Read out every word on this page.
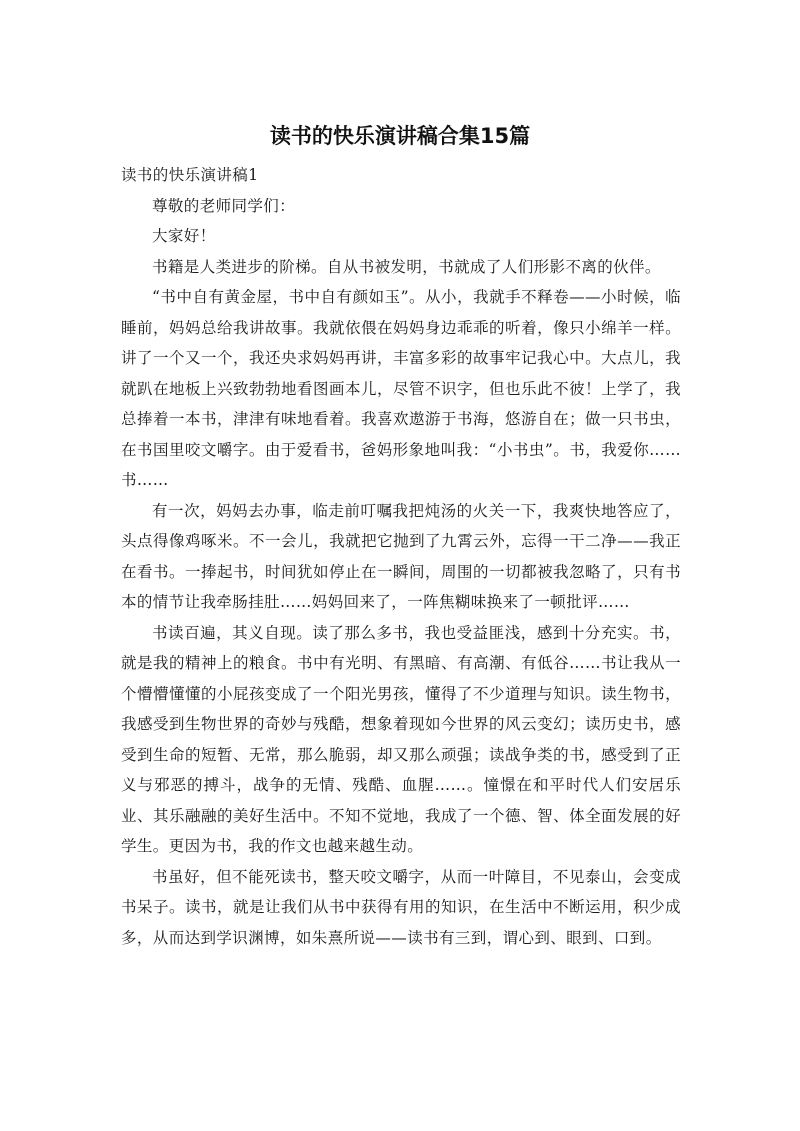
读书的快乐演讲稿合集15篇

读书的快乐演讲稿1

尊敬的老师同学们：

大家好！

书籍是人类进步的阶梯。自从书被发明，书就成了人们形影不离的伙伴。

“书中自有黄金屋，书中自有颜如玉”。从小，我就手不释卷——小时候，临睡前，妈妈总给我讲故事。我就依偎在妈妈身边乖乖的听着，像只小绵羊一样。讲了一个又一个，我还央求妈妈再讲，丰富多彩的故事牢记我心中。大点儿，我就趴在地板上兴致勃勃地看图画本儿，尽管不识字，但也乐此不彼！上学了，我总捧着一本书，津津有味地看着。我喜欢遨游于书海，悠游自在；做一只书虫，在书国里咬文嚼字。由于爱看书，爸妈形象地叫我：“小书虫”。书，我爱你……书……

有一次，妈妈去办事，临走前叮嘱我把炖汤的火关一下，我爽快地答应了，头点得像鸡啄米。不一会儿，我就把它抛到了九霄云外，忘得一干二净——我正在看书。一捧起书，时间犹如停止在一瞬间，周围的一切都被我忽略了，只有书本的情节让我牵肠挂肚……妈妈回来了，一阵焦糊味换来了一顿批评……

书读百遍，其义自现。读了那么多书，我也受益匪浅，感到十分充实。书，就是我的精神上的粮食。书中有光明、有黑暗、有高潮、有低谷……书让我从一个懵懵懂懂的小屁孩变成了一个阳光男孩，懂得了不少道理与知识。读生物书，我感受到生物世界的奇妙与残酷，想象着现如今世界的风云变幻；读历史书，感受到生命的短暂、无常，那么脆弱，却又那么顽强；读战争类的书，感受到了正义与邪恶的搏斗，战争的无情、残酷、血腥……。憧憬在和平时代人们安居乐业、其乐融融的美好生活中。不知不觉地，我成了一个德、智、体全面发展的好学生。更因为书，我的作文也越来越生动。

书虽好，但不能死读书，整天咬文嚼字，从而一叶障目，不见泰山，会变成书呆子。读书，就是让我们从书中获得有用的知识，在生活中不断运用，积少成多，从而达到学识渊博，如朱熹所说——读书有三到，谓心到、眼到、口到。
